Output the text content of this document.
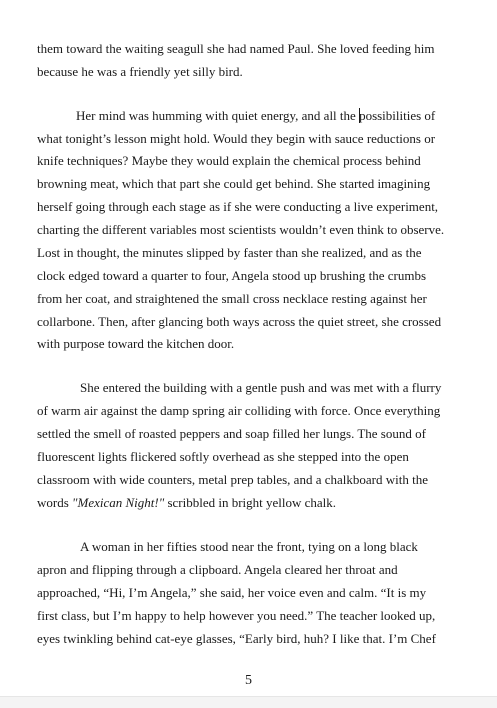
them toward the waiting seagull she had named Paul. She loved feeding him
because he was a friendly yet silly bird.
Her mind was humming with quiet energy, and all the possibilities of
what tonight’s lesson might hold. Would they begin with sauce reductions or
knife techniques? Maybe they would explain the chemical process behind
browning meat, which that part she could get behind. She started imagining
herself going through each stage as if she were conducting a live experiment,
charting the different variables most scientists wouldn’t even think to observe.
Lost in thought, the minutes slipped by faster than she realized, and as the
clock edged toward a quarter to four, Angela stood up brushing the crumbs
from her coat, and straightened the small cross necklace resting against her
collarbone. Then, after glancing both ways across the quiet street, she crossed
with purpose toward the kitchen door.
She entered the building with a gentle push and was met with a flurry
of warm air against the damp spring air colliding with force. Once everything
settled the smell of roasted peppers and soap filled her lungs. The sound of
fluorescent lights flickered softly overhead as she stepped into the open
classroom with wide counters, metal prep tables, and a chalkboard with the
words "Mexican Night!" scribbled in bright yellow chalk.
A woman in her fifties stood near the front, tying on a long black
apron and flipping through a clipboard. Angela cleared her throat and
approached, “Hi, I’m Angela,” she said, her voice even and calm. “It is my
first class, but I’m happy to help however you need.” The teacher looked up,
eyes twinkling behind cat-eye glasses, “Early bird, huh? I like that. I’m Chef
5
